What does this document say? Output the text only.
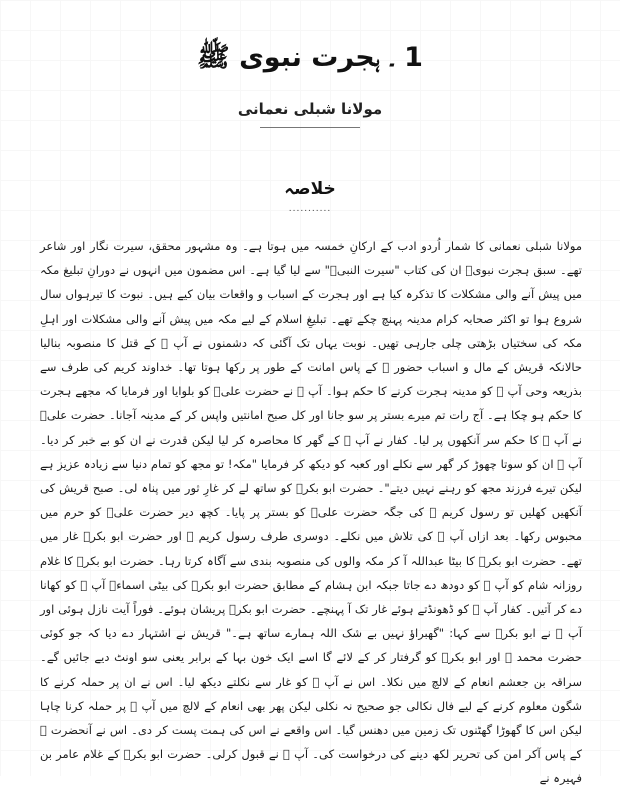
1 ۔ ہجرت نبوی ﷺ
مولانا شبلی نعمانی
خلاصہ
...........
مولانا شبلی نعمانی کا شمار اُردو ادب کے ارکانِ خمسہ میں ہوتا ہے۔ وہ مشہور محقق، سیرت نگار اور شاعر تھے۔ سبق ہجرت نبویؐ ان کی کتاب "سیرت النبیؐ" سے لیا گیا ہے۔ اس مضمون میں انہوں نے دورانِ تبلیغ مکہ میں پیش آنے والی مشکلات کا تذکرہ کیا ہے اور ہجرت کے اسباب و واقعات بیان کیے ہیں۔ نبوت کا تیرہواں سال شروع ہوا تو اکثر صحابہ کرام مدینہ پہنچ چکے تھے۔ تبلیغِ اسلام کے لیے مکہ میں پیش آنے والی مشکلات اور اہلِ مکہ کی سختیاں بڑھتی چلی جارہی تھیں۔ نوبت یہاں تک آگئی کہ دشمنوں نے آپ ﷺ کے قتل کا منصوبہ بنالیا حالانکہ قریش کے مال و اسباب حضور ﷺ کے پاس امانت کے طور پر رکھا ہوتا تھا۔ خداوند کریم کی طرف سے بذریعہ وحی آپ ﷺ کو مدینہ ہجرت کرنے کا حکم ہوا۔ آپ ﷺ نے حضرت علیؓ کو بلوایا اور فرمایا کہ مجھے ہجرت کا حکم ہو چکا ہے۔ آج رات تم میرے بستر پر سو جانا اور کل صبح امانتیں واپس کر کے مدینہ آجانا۔ حضرت علیؓ نے آپ ﷺ کا حکم سر آنکھوں پر لیا۔ کفار نے آپ ﷺ کے گھر کا محاصرہ کر لیا لیکن قدرت نے ان کو بے خبر کر دیا۔ آپ ﷺ ان کو سوتا چھوڑ کر گھر سے نکلے اور کعبہ کو دیکھ کر فرمایا "مکہ! تو مجھ کو تمام دنیا سے زیادہ عزیز ہے لیکن تیرے فرزند مجھ کو رہنے نہیں دیتے"۔ حضرت ابو بکرؓ کو ساتھ لے کر غارِ ثور میں پناہ لی۔ صبح قریش کی آنکھیں کھلیں تو رسول کریم ﷺ کی جگہ حضرت علیؓ کو بستر پر پایا۔ کچھ دیر حضرت علیؓ کو حرم میں محبوس رکھا۔ بعد ازاں آپ ﷺ کی تلاش میں نکلے۔ دوسری طرف رسول کریم ﷺ اور حضرت ابو بکرؓ غار میں تھے۔ حضرت ابو بکرؓ کا بیٹا عبداللہ آ کر مکہ والوں کی منصوبہ بندی سے آگاہ کرتا رہا۔ حضرت ابو بکرؓ کا غلام روزانہ شام کو آپ ﷺ کو دودھ دے جاتا جبکہ ابن ہشام کے مطابق حضرت ابو بکرؓ کی بیٹی اسماءؓ آپ ﷺ کو کھانا دے کر آتیں۔ کفار آپ ﷺ کو ڈھونڈتے ہوئے غار تک آ پہنچے۔ حضرت ابو بکرؓ پریشان ہوئے۔ فوراً آیت نازل ہوئی اور آپ ﷺ نے ابو بکرؓ سے کہا: "گھبراؤ نہیں بے شک اللہ ہمارے ساتھ ہے۔" قریش نے اشتہار دے دیا کہ جو کوئی حضرت محمد ﷺ اور ابو بکرؓ کو گرفتار کر کے لائے گا اسے ایک خون بہا کے برابر یعنی سو اونٹ دیے جائیں گے۔ سراقہ بن جعشم انعام کے لالچ میں نکلا۔ اس نے آپ ﷺ کو غار سے نکلتے دیکھ لیا۔ اس نے ان پر حملہ کرنے کا شگون معلوم کرنے کے لیے فال نکالی جو صحیح نہ نکلی لیکن پھر بھی انعام کے لالچ میں آپ ﷺ پر حملہ کرنا چاہا لیکن اس کا گھوڑا گھٹنوں تک زمین میں دھنس گیا۔ اس واقعے نے اس کی ہمت پست کر دی۔ اس نے آنحضرت ﷺ کے پاس آکر امن کی تحریر لکھ دینے کی درخواست کی۔ آپ ﷺ نے قبول کرلی۔ حضرت ابو بکرؓ کے غلام عامر بن فہیرہ نے
